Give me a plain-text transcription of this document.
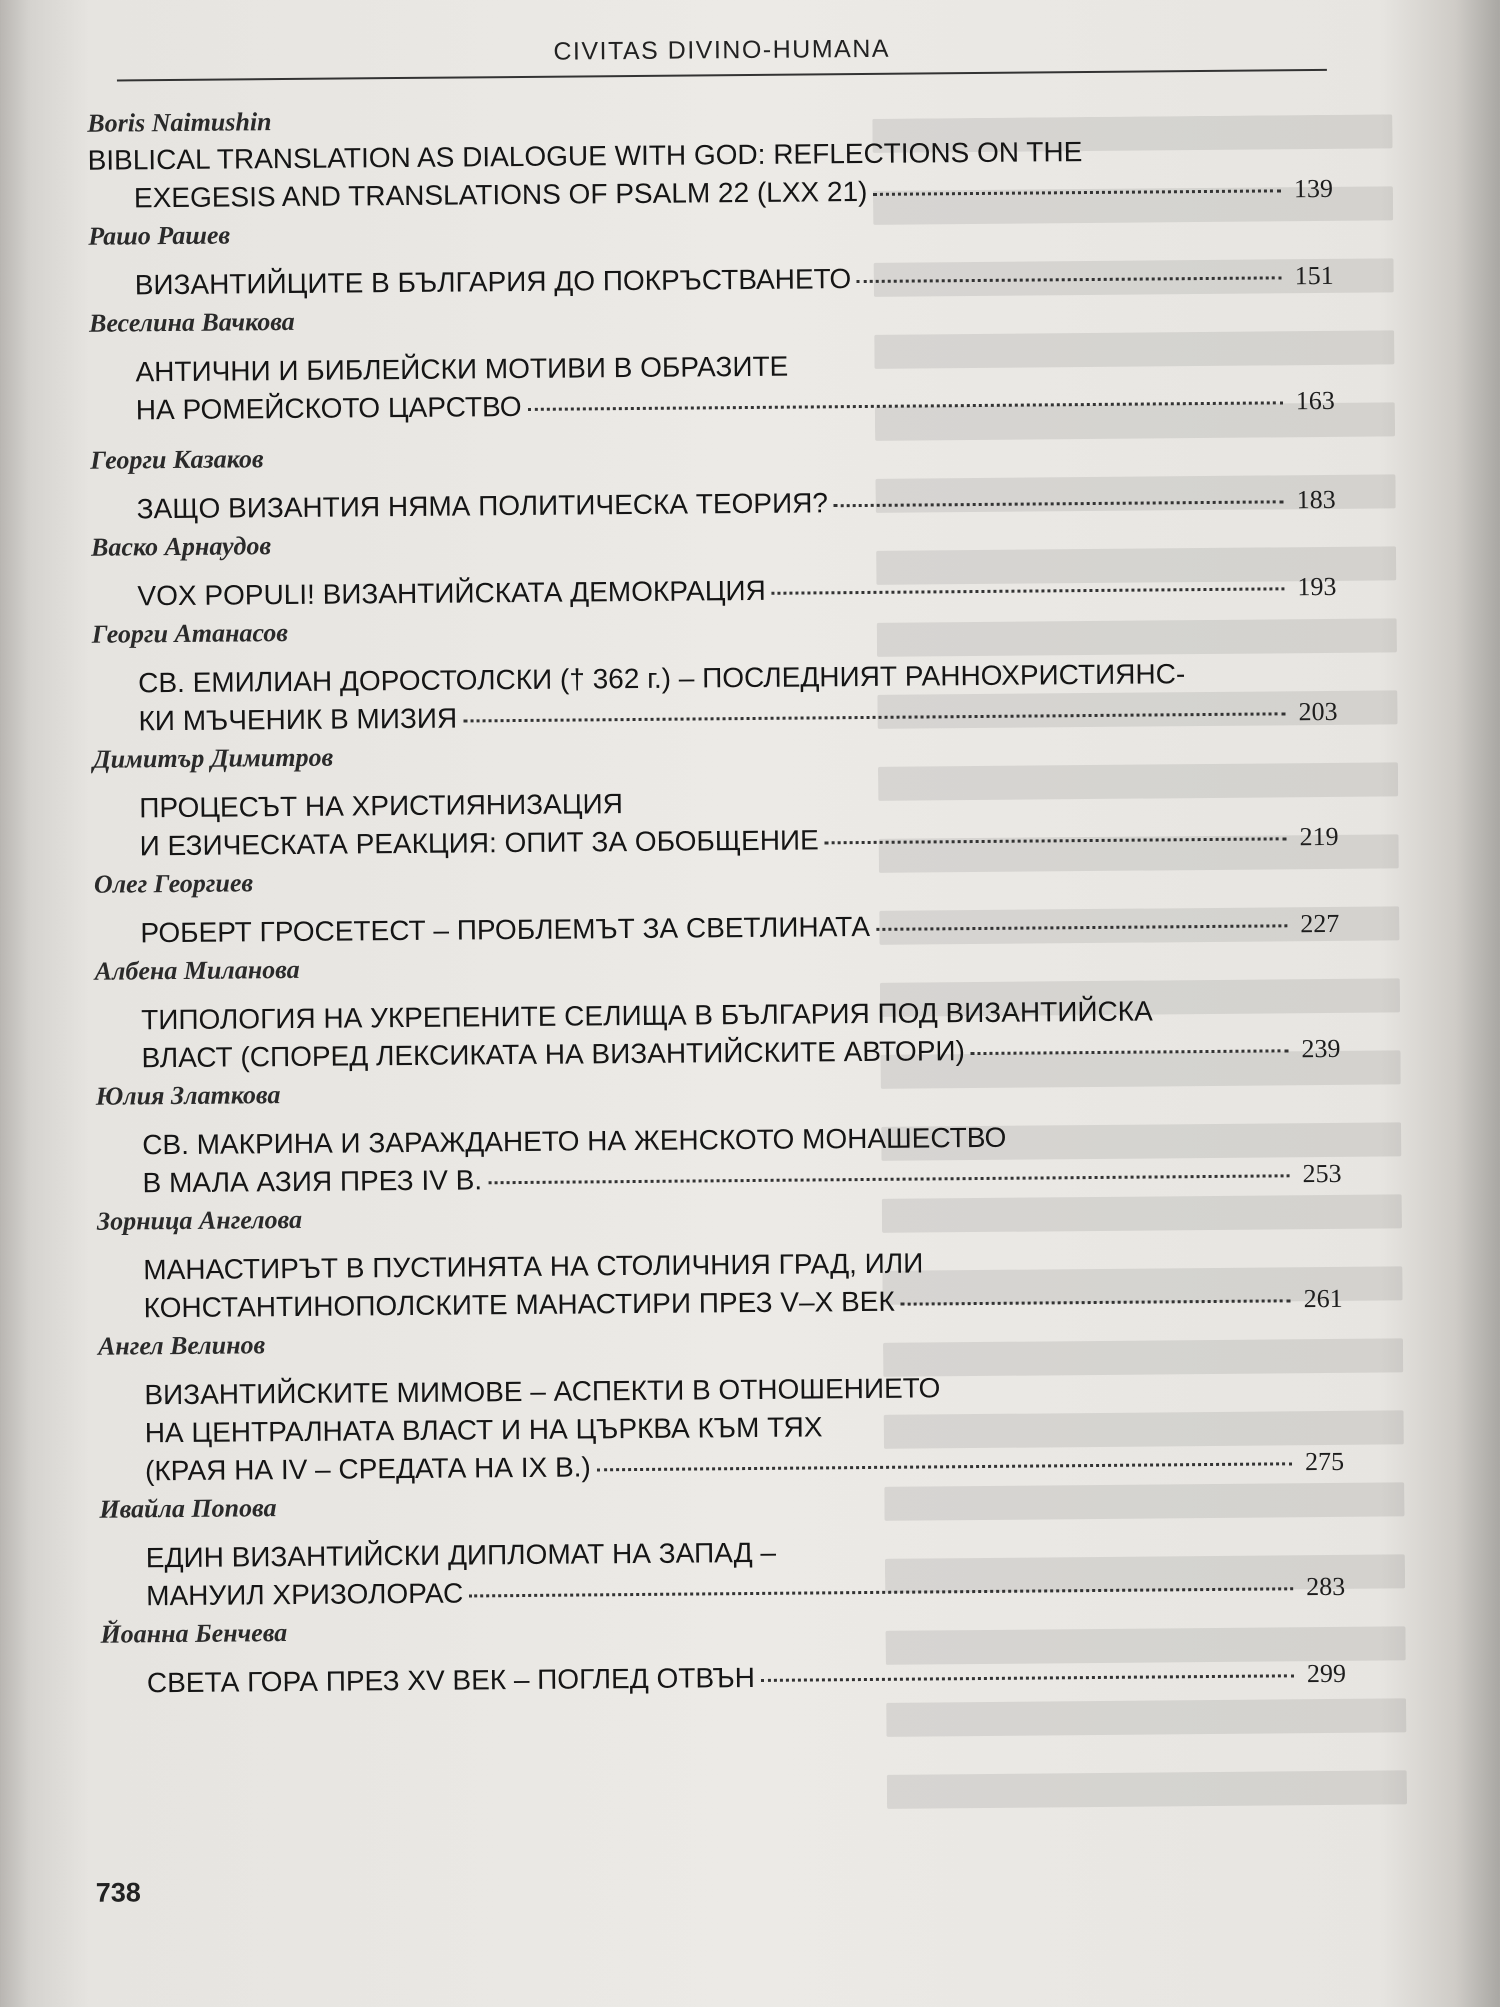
CIVITAS DIVINO-HUMANA
Boris Naimushin
BIBLICAL TRANSLATION AS DIALOGUE WITH GOD: REFLECTIONS ON THE
EXEGESIS AND TRANSLATIONS OF PSALM 22 (LXX 21)	139
Рашо Рашев
ВИЗАНТИЙЦИТЕ В БЪЛГАРИЯ ДО ПОКРЪСТВАНЕТО	151
Веселина Вачкова
АНТИЧНИ И БИБЛЕЙСКИ МОТИВИ В ОБРАЗИТЕ
НА РОМЕЙСКОТО ЦАРСТВО	163
Георги Казаков
ЗАЩО ВИЗАНТИЯ НЯМА ПОЛИТИЧЕСКА ТЕОРИЯ?	183
Васко Арнаудов
VOX POPULI! ВИЗАНТИЙСКАТА ДЕМОКРАЦИЯ	193
Георги Атанасов
СВ. ЕМИЛИАН ДОРОСТОЛСКИ († 362 г.) – ПОСЛЕДНИЯТ РАННОХРИСТИЯНС-
КИ МЪЧЕНИК В МИЗИЯ	203
Димитър Димитров
ПРОЦЕСЪТ НА ХРИСТИЯНИЗАЦИЯ
И ЕЗИЧЕСКАТА РЕАКЦИЯ: ОПИТ ЗА ОБОБЩЕНИЕ	219
Олег Георгиев
РОБЕРТ ГРОСЕТЕСТ – ПРОБЛЕМЪТ ЗА СВЕТЛИНАТА	227
Албена Миланова
ТИПОЛОГИЯ НА УКРЕПЕНИТЕ СЕЛИЩА В БЪЛГАРИЯ ПОД ВИЗАНТИЙСКА
ВЛАСТ (СПОРЕД ЛЕКСИКАТА НА ВИЗАНТИЙСКИТЕ АВТОРИ)	239
Юлия Златкова
СВ. МАКРИНА И ЗАРАЖДАНЕТО НА ЖЕНСКОТО МОНАШЕСТВО
В МАЛА АЗИЯ ПРЕЗ IV В.	253
Зорница Ангелова
МАНАСТИРЪТ В ПУСТИНЯТА НА СТОЛИЧНИЯ ГРАД, ИЛИ
КОНСТАНТИНОПОЛСКИТЕ МАНАСТИРИ ПРЕЗ V–X ВЕК	261
Ангел Велинов
ВИЗАНТИЙСКИТЕ МИМОВЕ – АСПЕКТИ В ОТНОШЕНИЕТО
НА ЦЕНТРАЛНАТА ВЛАСТ И НА ЦЪРКВА КЪМ ТЯХ
(КРАЯ НА IV – СРЕДАТА НА IX В.)	275
Ивайла Попова
ЕДИН ВИЗАНТИЙСКИ ДИПЛОМАТ НА ЗАПАД –
МАНУИЛ ХРИЗОЛОРАС	283
Йоанна Бенчева
СВЕТА ГОРА ПРЕЗ XV ВЕК – ПОГЛЕД ОТВЪН	299
738
